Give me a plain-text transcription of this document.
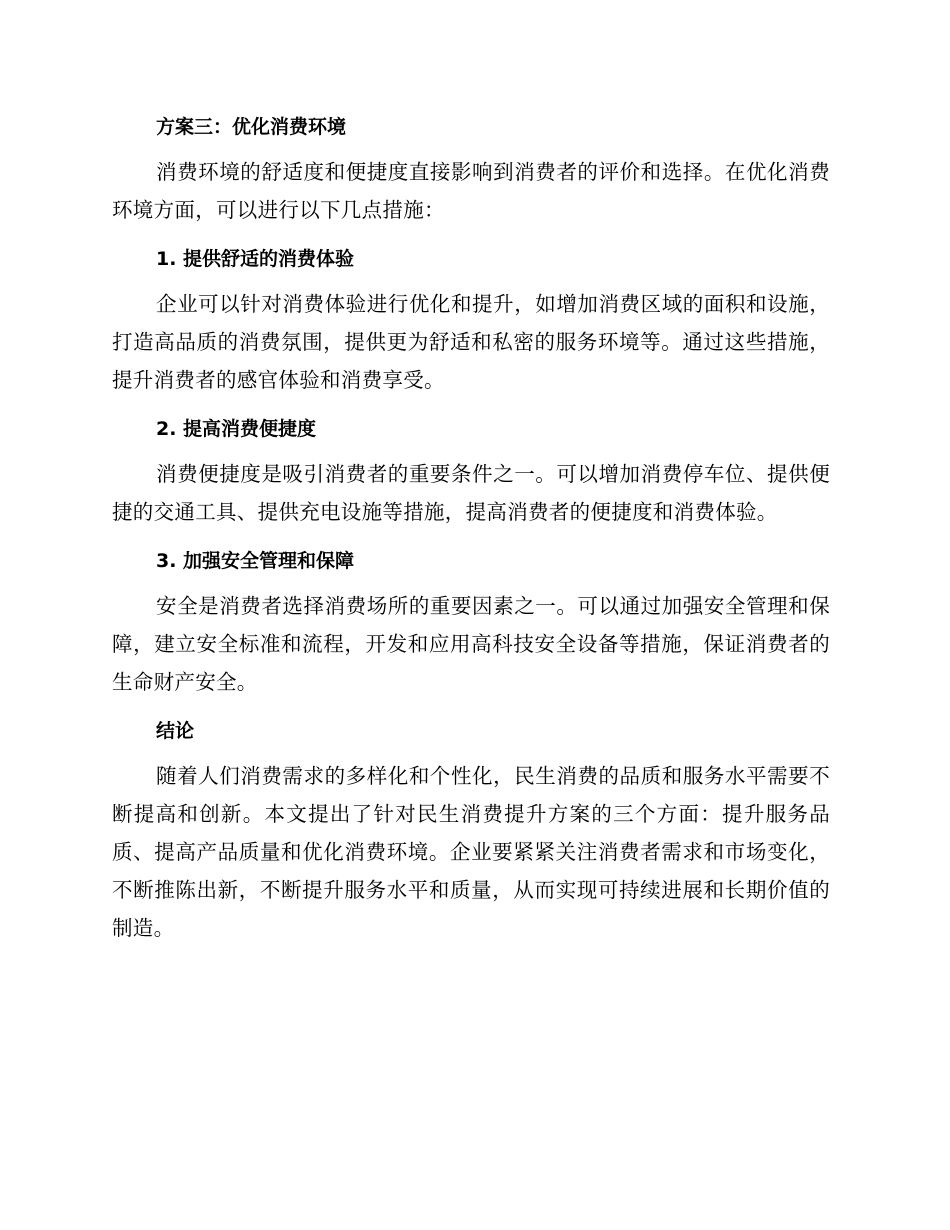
方案三：优化消费环境

消费环境的舒适度和便捷度直接影响到消费者的评价和选择。在优化消费环境方面，可以进行以下几点措施：

1. 提供舒适的消费体验

企业可以针对消费体验进行优化和提升，如增加消费区域的面积和设施，打造高品质的消费氛围，提供更为舒适和私密的服务环境等。通过这些措施，提升消费者的感官体验和消费享受。

2. 提高消费便捷度

消费便捷度是吸引消费者的重要条件之一。可以增加消费停车位、提供便捷的交通工具、提供充电设施等措施，提高消费者的便捷度和消费体验。

3. 加强安全管理和保障

安全是消费者选择消费场所的重要因素之一。可以通过加强安全管理和保障，建立安全标准和流程，开发和应用高科技安全设备等措施，保证消费者的生命财产安全。

结论

随着人们消费需求的多样化和个性化，民生消费的品质和服务水平需要不断提高和创新。本文提出了针对民生消费提升方案的三个方面：提升服务品质、提高产品质量和优化消费环境。企业要紧紧关注消费者需求和市场变化，不断推陈出新，不断提升服务水平和质量，从而实现可持续进展和长期价值的制造。
